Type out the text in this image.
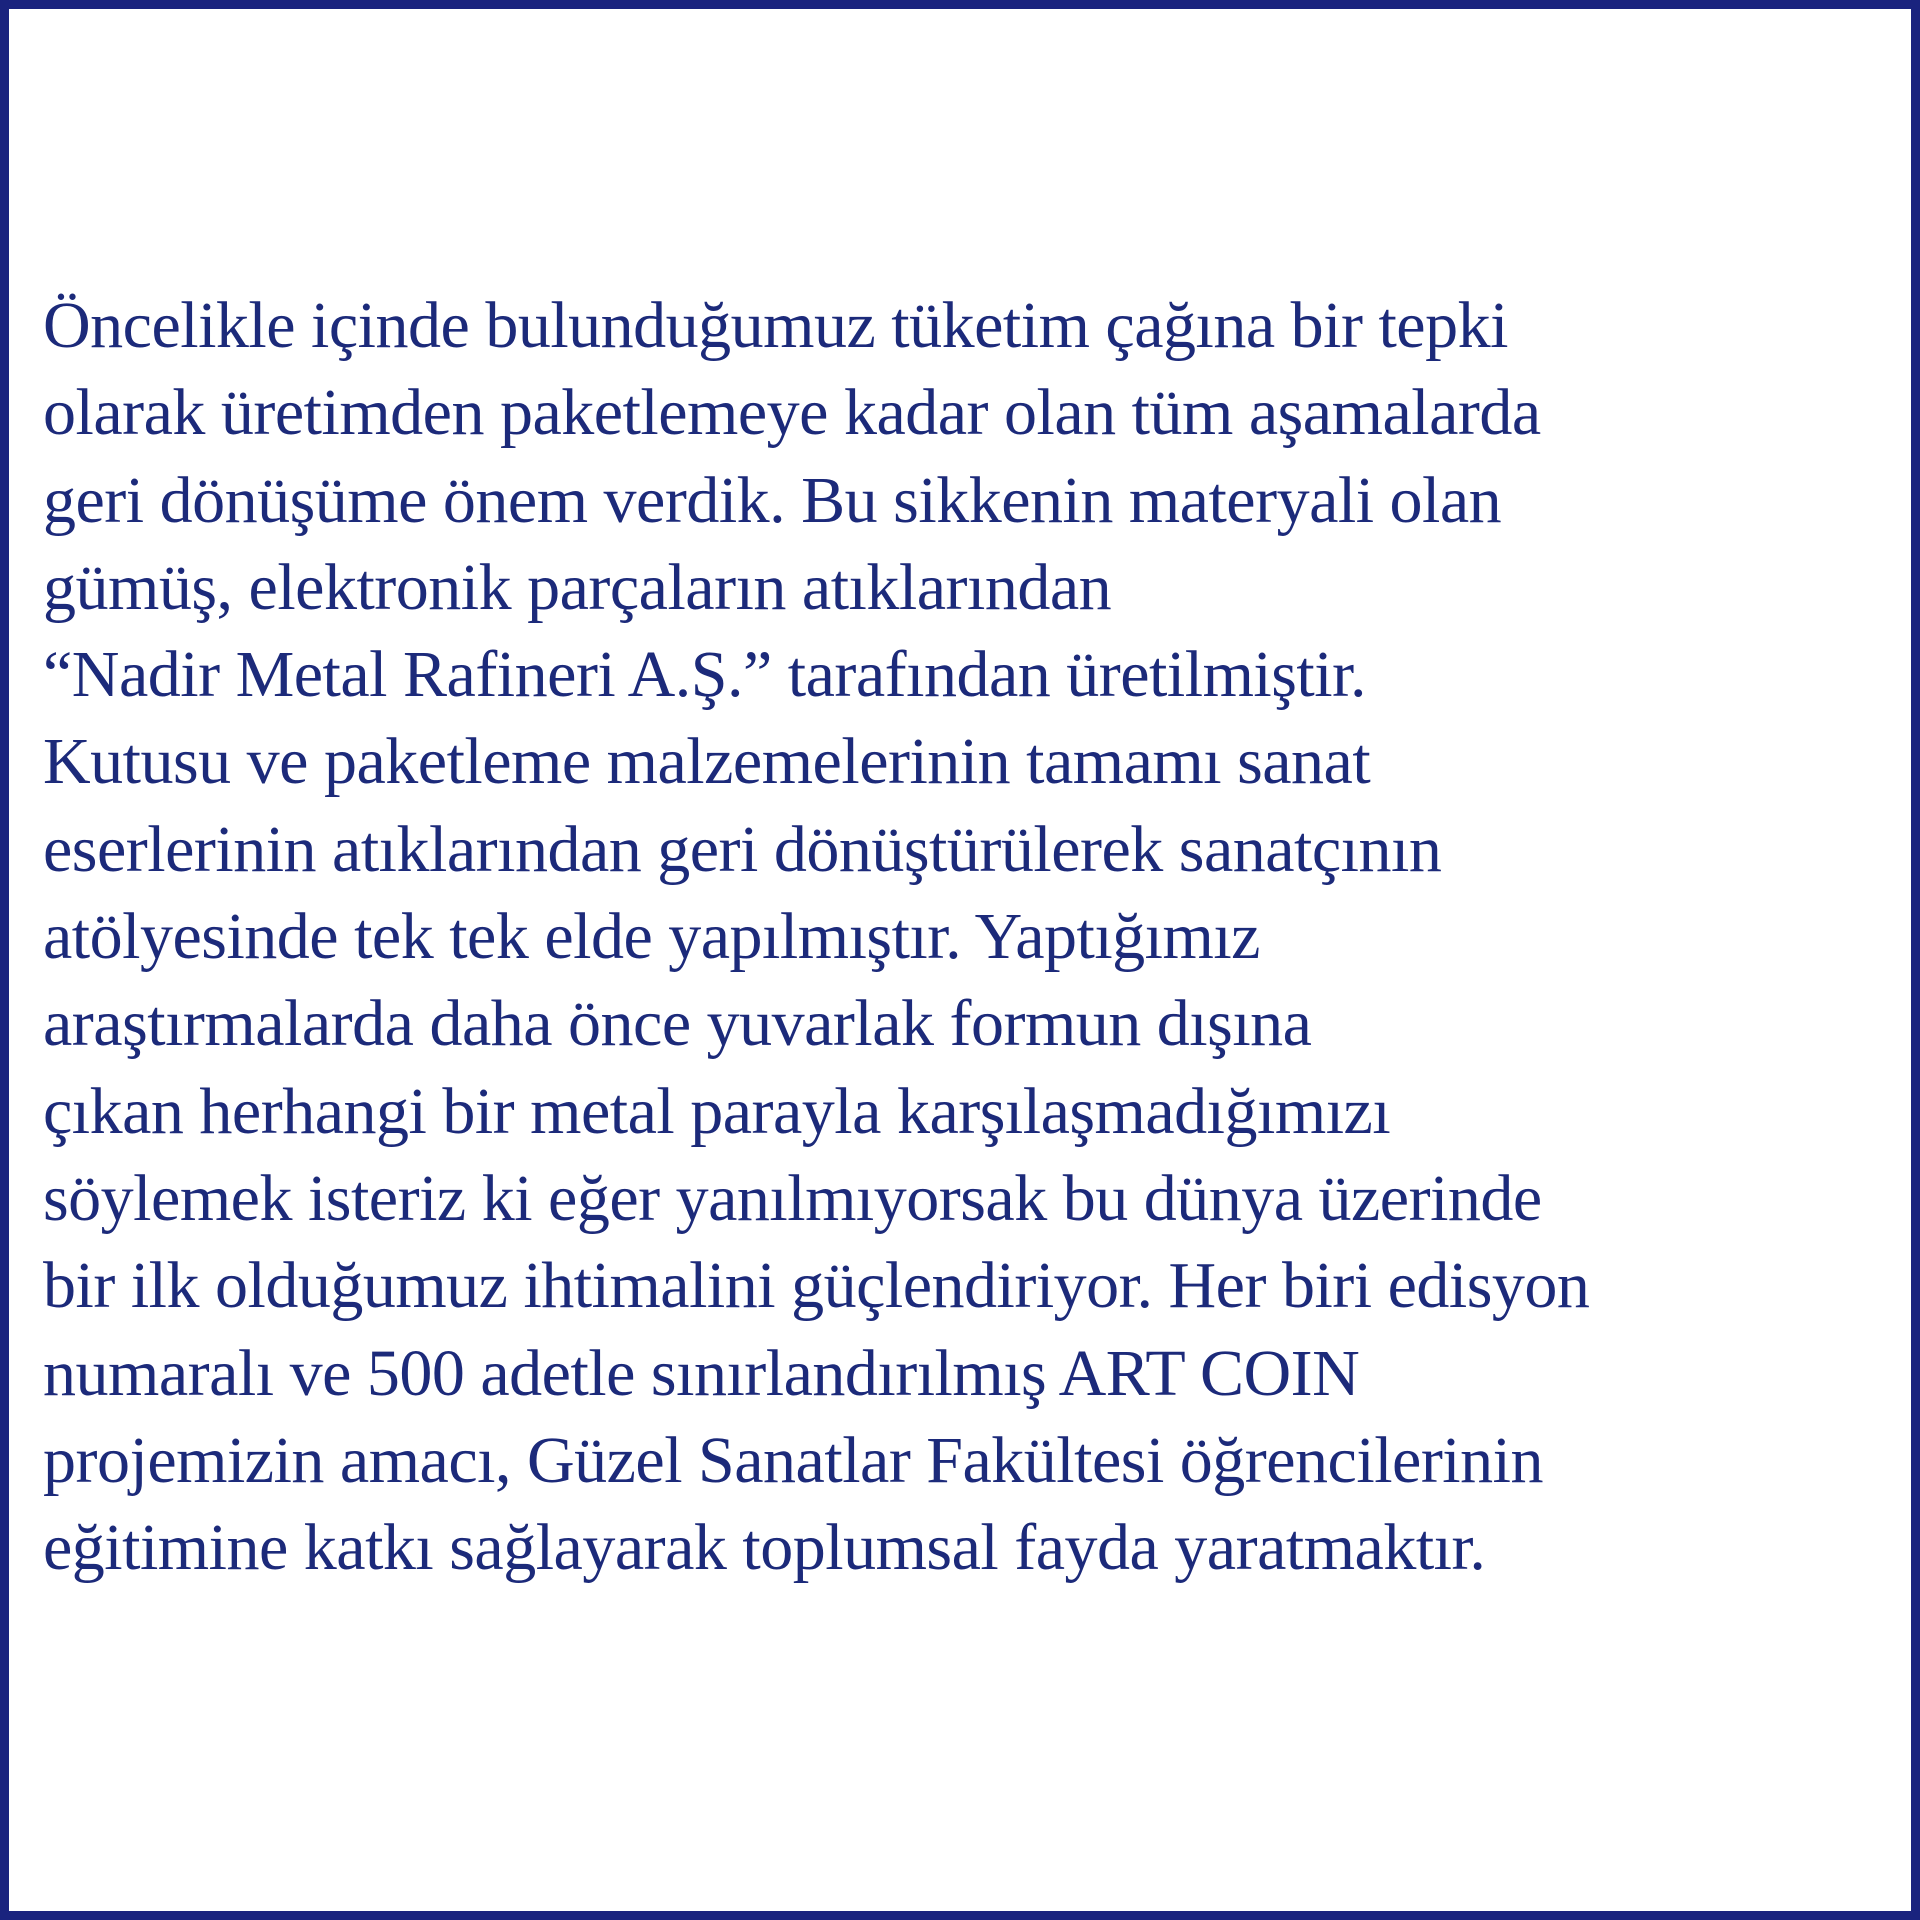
Öncelikle içinde bulunduğumuz tüketim çağına bir tepki
olarak üretimden paketlemeye kadar olan tüm aşamalarda
geri dönüşüme önem verdik. Bu sikkenin materyali olan
gümüş, elektronik parçaların atıklarından
“Nadir Metal Rafineri A.Ş.” tarafından üretilmiştir.
Kutusu ve paketleme malzemelerinin tamamı sanat
eserlerinin atıklarından geri dönüştürülerek sanatçının
atölyesinde tek tek elde yapılmıştır. Yaptığımız
araştırmalarda daha önce yuvarlak formun dışına
çıkan herhangi bir metal parayla karşılaşmadığımızı
söylemek isteriz ki eğer yanılmıyorsak bu dünya üzerinde
bir ilk olduğumuz ihtimalini güçlendiriyor. Her biri edisyon
numaralı ve 500 adetle sınırlandırılmış ART COIN
projemizin amacı, Güzel Sanatlar Fakültesi öğrencilerinin
eğitimine katkı sağlayarak toplumsal fayda yaratmaktır.
